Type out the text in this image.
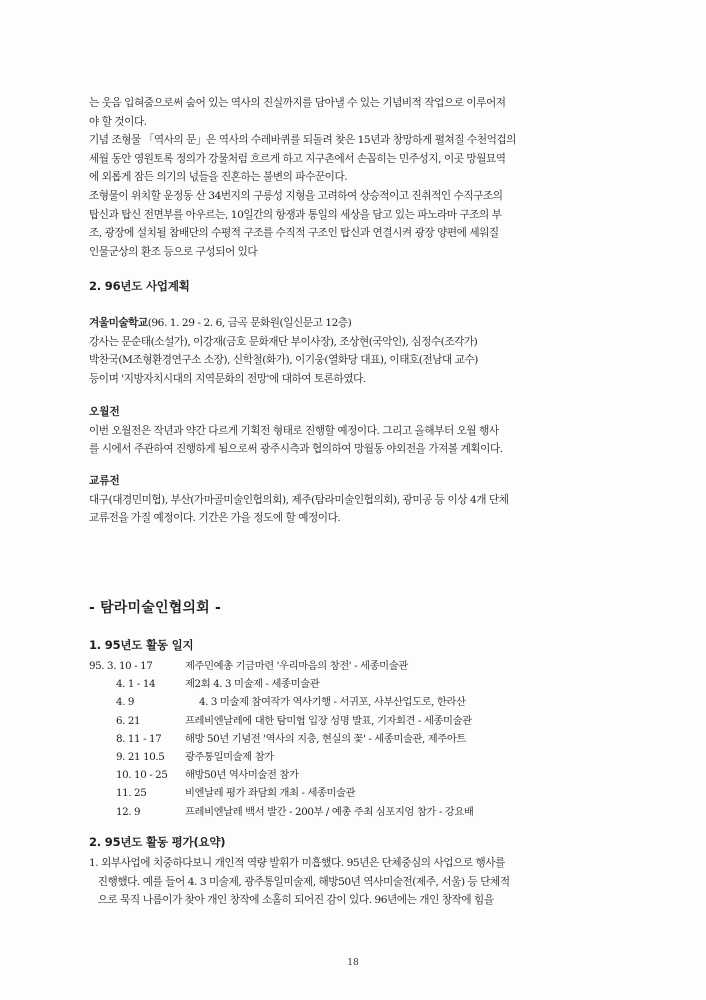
는 웃음 입혀줌으로써 숨어 있는 역사의 진실까지를 담아낼 수 있는 기념비적 작업으로 이루어져

야 할 것이다.

기념 조형물 「역사의 문」은 역사의 수레바퀴를 되돌려 찾은 15년과 창망하게 펼쳐질 수천억겁의

세월 동안 영원토록 정의가 강물처럼 흐르게 하고 지구촌에서 손꼽히는 민주성지, 이곳 망월묘역

에 외롭게 잠든 의기의 넋들을 진혼하는 불변의 파수꾼이다.

조형물이 위치할 운정동 산 34번지의 구릉성 지형을 고려하여 상승적이고 진취적인 수직구조의

탑신과 탑신 전면부를 아우르는, 10일간의 항쟁과 통일의 세상을 담고 있는 파노라마 구조의 부

조, 광장에 설치될 참배단의 수평적 구조를 수직적 구조인 탑신과 연결시켜 광장 양편에 세워질

인물군상의 환조 등으로 구성되어 있다

2. 96년도 사업계획

겨울미술학교(96. 1. 29 - 2. 6, 금곡 문화원(일신문고 12층)

강사는 문순태(소설가), 이강재(금호 문화재단 부이사장), 조상현(국악인), 심정수(조각가)

박찬국(M조형환경연구소 소장), 신학철(화가), 이기웅(열화당 대표), 이태호(전남대 교수)

등이며 '지방자치시대의 지역문화의 전망'에 대하여 토론하였다.

오월전

이번 오월전은 작년과 약간 다르게 기획전 형태로 진행할 예정이다. 그리고 올해부터 오월 행사

를 시에서 주관하여 진행하게 됨으로써 광주시측과 협의하여 망월동 야외전을 가져볼 계획이다.

교류전

대구(대경민미협), 부산(가마골미술인협의회), 제주(탐라미술인협의회), 광미공 등 이상 4개 단체

교류전을 가질 예정이다. 기간은 가을 정도에 할 예정이다.

- 탐라미술인협의회 -

1. 95년도 활동 일지

95. 3. 10 - 17	제주민예총 기금마련 '우리마음의 창전' - 세종미술관
4. 1 - 14	제2회 4. 3 미술제 - 세종미술관
4. 9	4. 3 미술제 참여작가 역사기행 - 서귀포, 사부산업도로, 한라산
6. 21	프레비엔날레에 대한 탐미협 입장 성명 발표, 기자회견 - 세종미술관
8. 11 - 17 해방 50년 기념전 '역사의 지층, 현실의 꽃' - 세종미술관, 제주아트
9. 21 10.5 광주통일미술제 참가
10. 10 - 25 해방50년 역사미술전 참가
11. 25	비엔날레 평가 좌담회 개최 - 세종미술관
12. 9	프레비엔날레 백서 발간 - 200부 / 예총 주최 심포지엄 참가 - 강요배

2. 95년도 활동 평가(요약)

1. 외부사업에 치중하다보니 개인적 역량 발휘가 미흡했다. 95년은 단체중심의 사업으로 행사를

진행했다. 예를 들어 4. 3 미술제, 광주통일미술제, 해방50년 역사미술전(제주, 서울) 등 단체적

으로 묵직 나름이가 찾아 개인 창작에 소홀히 되어진 감이 있다. 96년에는 개인 창작에 힘을

18
